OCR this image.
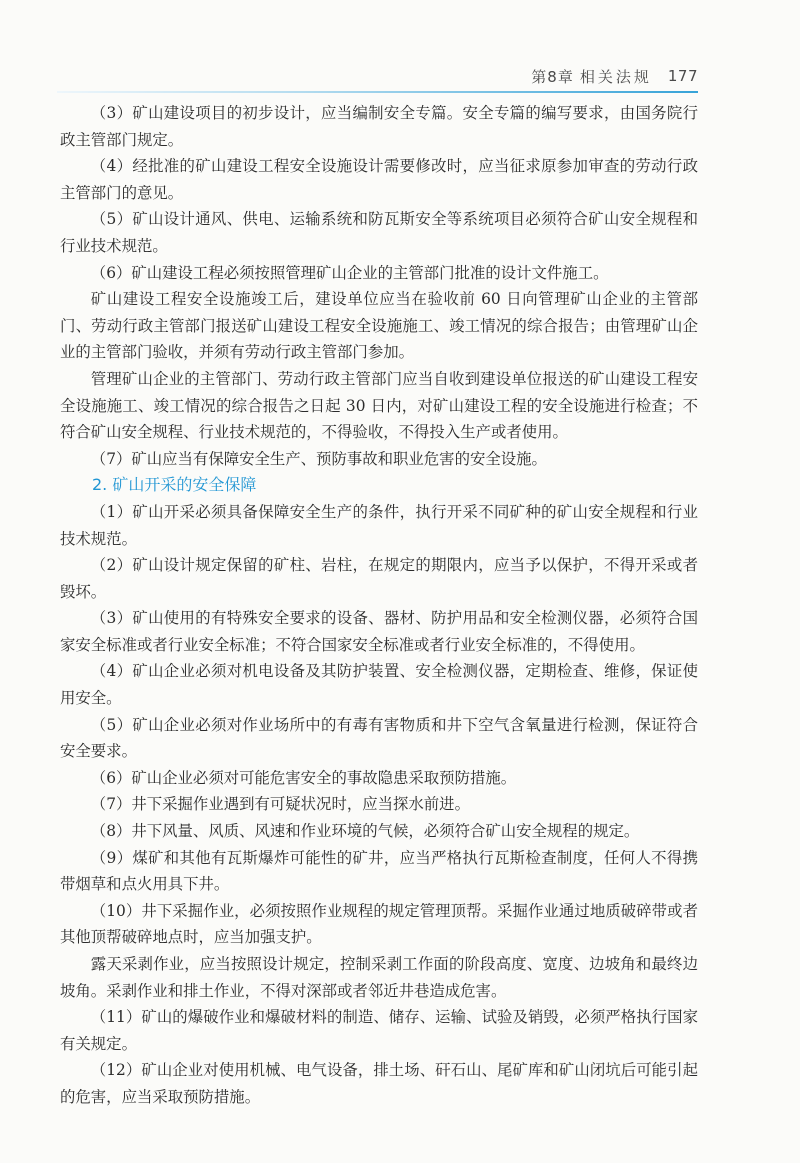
第8章 相关法规 177

（3）矿山建设项目的初步设计，应当编制安全专篇。安全专篇的编写要求，由国务院行政主管部门规定。

（4）经批准的矿山建设工程安全设施设计需要修改时，应当征求原参加审查的劳动行政主管部门的意见。

（5）矿山设计通风、供电、运输系统和防瓦斯安全等系统项目必须符合矿山安全规程和行业技术规范。

（6）矿山建设工程必须按照管理矿山企业的主管部门批准的设计文件施工。

矿山建设工程安全设施竣工后，建设单位应当在验收前 60 日向管理矿山企业的主管部门、劳动行政主管部门报送矿山建设工程安全设施施工、竣工情况的综合报告；由管理矿山企业的主管部门验收，并须有劳动行政主管部门参加。

管理矿山企业的主管部门、劳动行政主管部门应当自收到建设单位报送的矿山建设工程安全设施施工、竣工情况的综合报告之日起 30 日内，对矿山建设工程的安全设施进行检查；不符合矿山安全规程、行业技术规范的，不得验收，不得投入生产或者使用。

（7）矿山应当有保障安全生产、预防事故和职业危害的安全设施。

2. 矿山开采的安全保障

（1）矿山开采必须具备保障安全生产的条件，执行开采不同矿种的矿山安全规程和行业技术规范。

（2）矿山设计规定保留的矿柱、岩柱，在规定的期限内，应当予以保护，不得开采或者毁坏。

（3）矿山使用的有特殊安全要求的设备、器材、防护用品和安全检测仪器，必须符合国家安全标准或者行业安全标准；不符合国家安全标准或者行业安全标准的，不得使用。

（4）矿山企业必须对机电设备及其防护装置、安全检测仪器，定期检查、维修，保证使用安全。

（5）矿山企业必须对作业场所中的有毒有害物质和井下空气含氧量进行检测，保证符合安全要求。

（6）矿山企业必须对可能危害安全的事故隐患采取预防措施。

（7）井下采掘作业遇到有可疑状况时，应当探水前进。

（8）井下风量、风质、风速和作业环境的气候，必须符合矿山安全规程的规定。

（9）煤矿和其他有瓦斯爆炸可能性的矿井，应当严格执行瓦斯检查制度，任何人不得携带烟草和点火用具下井。

（10）井下采掘作业，必须按照作业规程的规定管理顶帮。采掘作业通过地质破碎带或者其他顶帮破碎地点时，应当加强支护。

露天采剥作业，应当按照设计规定，控制采剥工作面的阶段高度、宽度、边坡角和最终边坡角。采剥作业和排土作业，不得对深部或者邻近井巷造成危害。

（11）矿山的爆破作业和爆破材料的制造、储存、运输、试验及销毁，必须严格执行国家有关规定。

（12）矿山企业对使用机械、电气设备，排土场、矸石山、尾矿库和矿山闭坑后可能引起的危害，应当采取预防措施。
